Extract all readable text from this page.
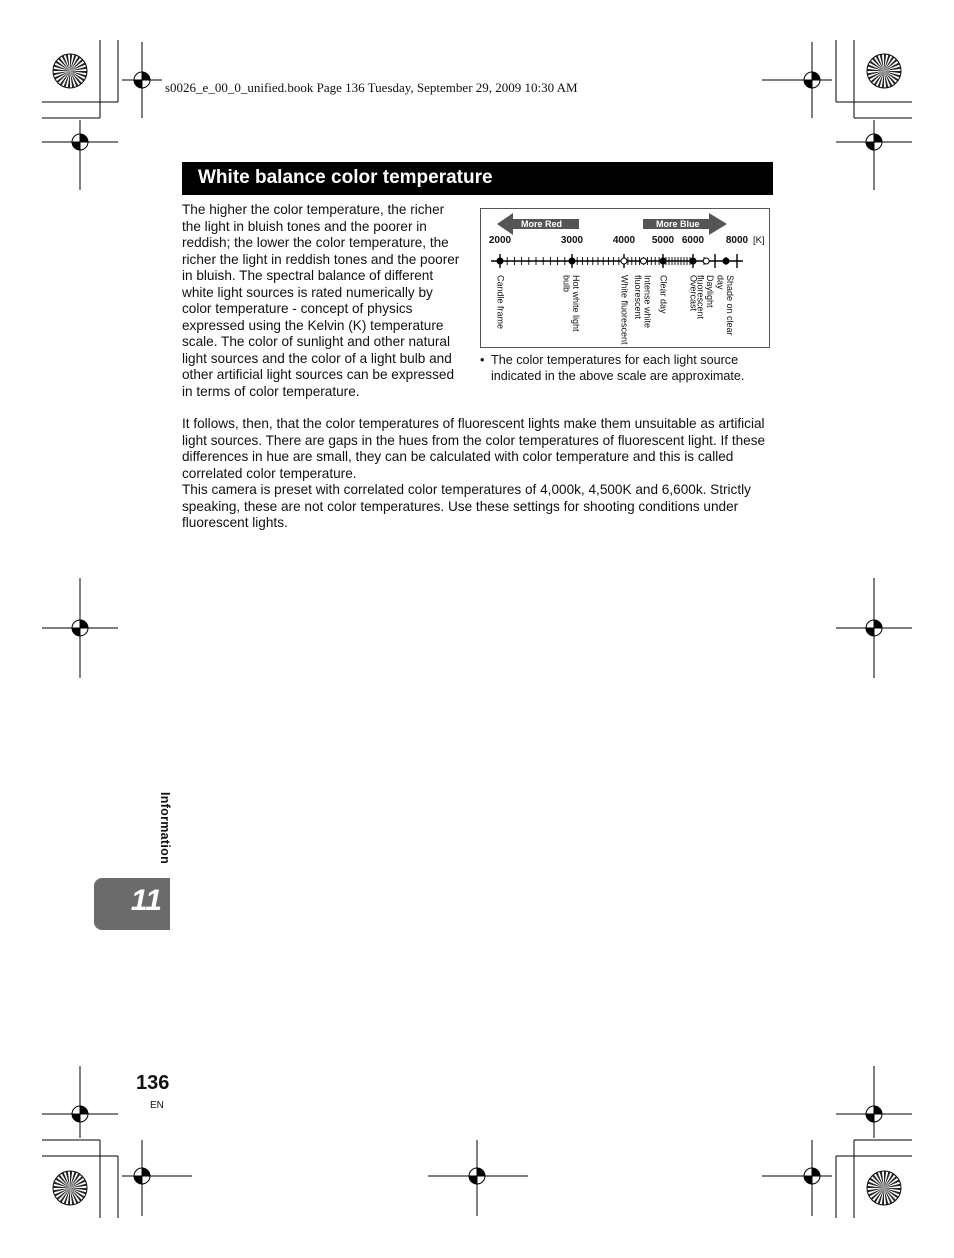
s0026_e_00_0_unified.book Page 136 Tuesday, September 29, 2009 10:30 AM
White balance color temperature

The higher the color temperature, the richer the light in bluish tones and the poorer in reddish; the lower the color temperature, the richer the light in reddish tones and the poorer in bluish. The spectral balance of different white light sources is rated numerically by color temperature - concept of physics expressed using the Kelvin (K) temperature scale. The color of sunlight and other natural light sources and the color of a light bulb and other artificial light sources can be expressed in terms of color temperature.

More Red	More Blue
2000	3000	4000 5000 6000 8000 [K]
Candle frame	Hot white light
bulb	White fluorescent	Intense white
fluorescent	Clear day Overcast Daylight
fluorescent	Shade on clear
day
• The color temperatures for each light source indicated in the above scale are approximate.

It follows, then, that the color temperatures of fluorescent lights make them unsuitable as artificial light sources. There are gaps in the hues from the color temperatures of fluorescent light. If these differences in hue are small, they can be calculated with color temperature and this is called correlated color temperature.

This camera is preset with correlated color temperatures of 4,000k, 4,500K and 6,600k. Strictly speaking, these are not color temperatures. Use these settings for shooting conditions under fluorescent lights.

Information
11
136
EN
